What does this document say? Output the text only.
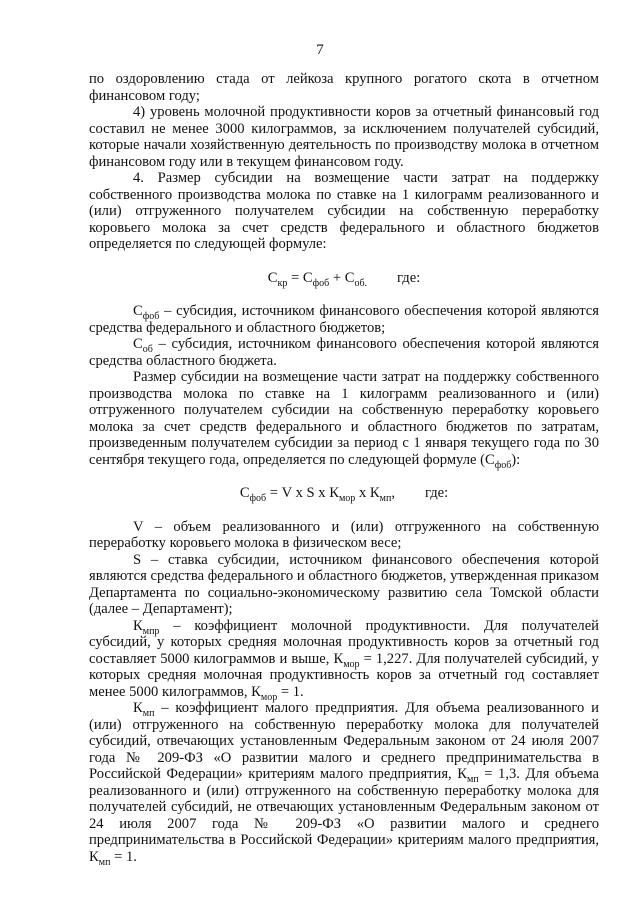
7

по оздоровлению стада от лейкоза крупного рогатого скота в отчетном финансовом году;

4) уровень молочной продуктивности коров за отчетный финансовый год составил не менее 3000 килограммов, за исключением получателей субсидий, которые начали хозяйственную деятельность по производству молока в отчетном финансовом году или в текущем финансовом году.

4. Размер субсидии на возмещение части затрат на поддержку собственного производства молока по ставке на 1 килограмм реализованного и (или) отгруженного получателем субсидии на собственную переработку коровьего молока за счет средств федерального и областного бюджетов определяется по следующей формуле:

$С_{кр} = С_{фоб} + С_{об.}$ где:

$С_{фоб}$ – субсидия, источником финансового обеспечения которой являются средства федерального и областного бюджетов;

$С_{об}$ – субсидия, источником финансового обеспечения которой являются средства областного бюджета.

Размер субсидии на возмещение части затрат на поддержку собственного производства молока по ставке на 1 килограмм реализованного и (или) отгруженного получателем субсидии на собственную переработку коровьего молока за счет средств федерального и областного бюджетов по затратам, произведенным получателем субсидии за период с 1 января текущего года по 30 сентября текущего года, определяется по следующей формуле $(С_{фоб})$:

$С_{фоб} = V$ x S x $К_{мор}$ x $К_{мп}$, где:

V – объем реализованного и (или) отгруженного на собственную переработку коровьего молока в физическом весе;

S – ставка субсидии, источником финансового обеспечения которой являются средства федерального и областного бюджетов, утвержденная приказом Департамента по социально-экономическому развитию села Томской области (далее – Департамент);

$К_{мпр}$ – коэффициент молочной продуктивности. Для получателей субсидий, у которых средняя молочная продуктивность коров за отчетный год составляет 5000 килограммов и выше, $К_{мор} = 1,227$. Для получателей субсидий, у которых средняя молочная продуктивность коров за отчетный год составляет менее 5000 килограммов, $К_{мор} = 1$.

$К_{мп}$ – коэффициент малого предприятия. Для объема реализованного и (или) отгруженного на собственную переработку молока для получателей субсидий, отвечающих установленным Федеральным законом от 24 июля 2007 года № 209-ФЗ «О развитии малого и среднего предпринимательства в Российской Федерации» критериям малого предприятия, $К_{мп} = 1,3$. Для объема реализованного и (или) отгруженного на собственную переработку молока для получателей субсидий, не отвечающих установленным Федеральным законом от 24 июля 2007 года № 209-ФЗ «О развитии малого и среднего предпринимательства в Российской Федерации» критериям малого предприятия, $К_{мп} = 1$.
